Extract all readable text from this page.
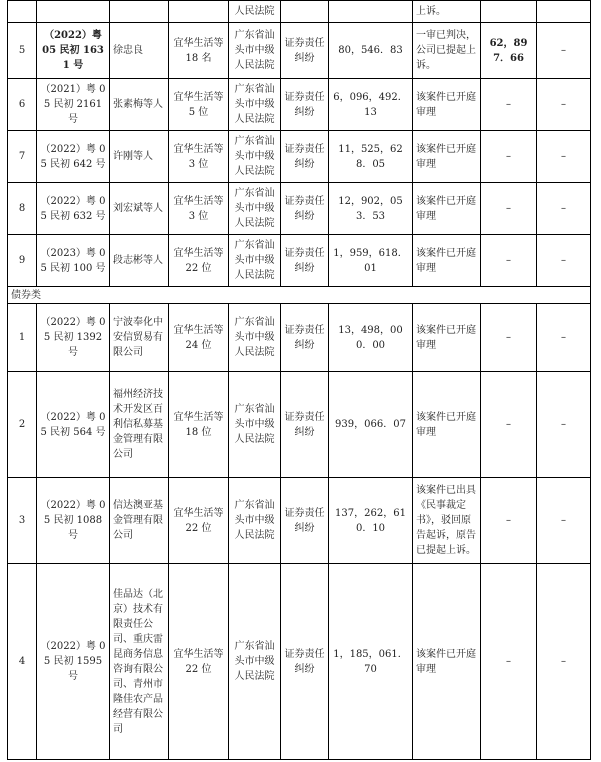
				人民法院			上诉。		
5	（2022）粤 05 民初 1631 号	徐忠良	宜华生活等 18 名	广东省汕头市中级人民法院	证券责任纠纷	80，546．83	一审已判决，公司已提起上诉。	62，897．66	–
6	（2021）粤 05 民初 2161 号	张素梅等人	宜华生活等 5 位	广东省汕头市中级人民法院	证券责任纠纷	6，096，492．13	该案件已开庭审理	–	–
7	（2022）粤 05 民初 642 号	许刚等人	宜华生活等 3 位	广东省汕头市中级人民法院	证券责任纠纷	11，525，628．05	该案件已开庭审理	–	–
8	（2022）粤 05 民初 632 号	刘宏斌等人	宜华生活等 3 位	广东省汕头市中级人民法院	证券责任纠纷	12，902，053．53	该案件已开庭审理	–	–
9	（2023）粤 05 民初 100 号	段志彬等人	宜华生活等 22 位	广东省汕头市中级人民法院	证券责任纠纷	1，959，618．01	该案件已开庭审理	–	–
债券类									
1	（2022）粤 05 民初 1392 号	宁波奉化中安信贸易有限公司	宜华生活等 24 位	广东省汕头市中级人民法院	证券责任纠纷	13，498，000．00	该案件已开庭审理	–	–
2	（2022）粤 05 民初 564 号	福州经济技术开发区百利信私募基金管理有限公司	宜华生活等 18 位	广东省汕头市中级人民法院	证券责任纠纷	939，066．07	该案件已开庭审理	–	–
3	（2022）粤 05 民初 1088 号	信达澳亚基金管理有限公司	宜华生活等 22 位	广东省汕头市中级人民法院	证券责任纠纷	137，262，610．10	该案件已出具《民事裁定书》，驳回原告起诉，原告已提起上诉。	–	–
4	（2022）粤 05 民初 1595 号	佳品达（北京）技术有限责任公司、重庆雷昆商务信息咨询有限公司、青州市隆佳农产品经营有限公司	宜华生活等 22 位	广东省汕头市中级人民法院	证券责任纠纷	1，185，061．70	该案件已开庭审理	–	–
